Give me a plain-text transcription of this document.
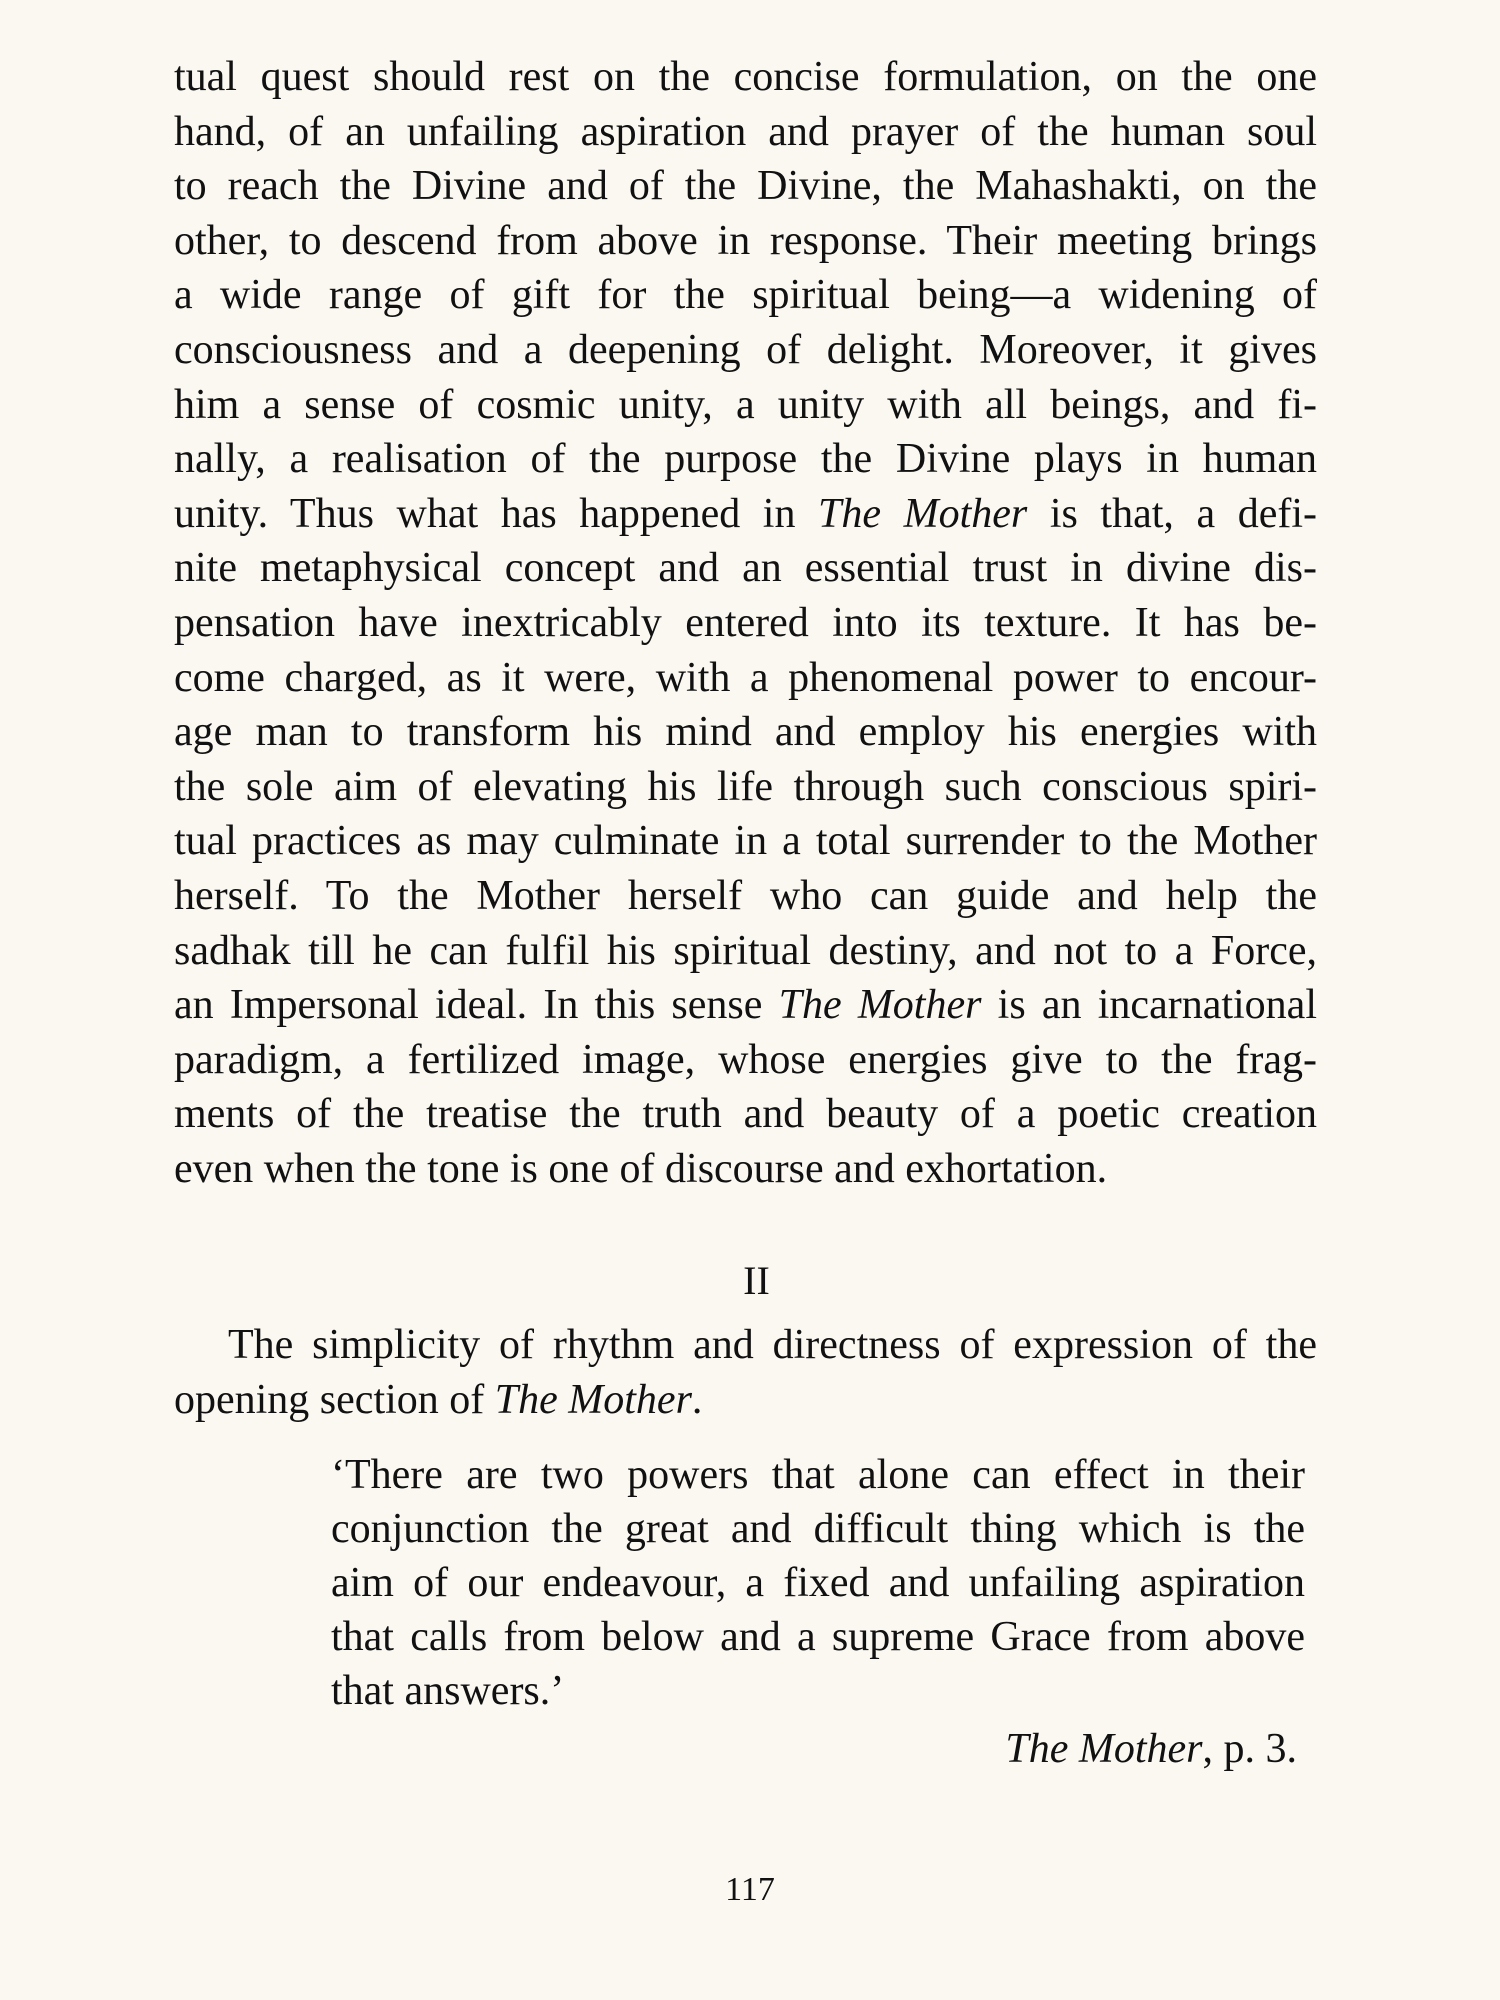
tual quest should rest on the concise formulation, on the one
hand, of an unfailing aspiration and prayer of the human soul
to reach the Divine and of the Divine, the Mahashakti, on the
other, to descend from above in response. Their meeting brings
a wide range of gift for the spiritual being—a widening of
consciousness and a deepening of delight. Moreover, it gives
him a sense of cosmic unity, a unity with all beings, and fi-
nally, a realisation of the purpose the Divine plays in human
unity. Thus what has happened in The Mother is that, a defi-
nite metaphysical concept and an essential trust in divine dis-
pensation have inextricably entered into its texture. It has be-
come charged, as it were, with a phenomenal power to encour-
age man to transform his mind and employ his energies with
the sole aim of elevating his life through such conscious spiri-
tual practices as may culminate in a total surrender to the Mother
herself. To the Mother herself who can guide and help the
sadhak till he can fulfil his spiritual destiny, and not to a Force,
an Impersonal ideal. In this sense The Mother is an incarnational
paradigm, a fertilized image, whose energies give to the frag-
ments of the treatise the truth and beauty of a poetic creation
even when the tone is one of discourse and exhortation.
II
The simplicity of rhythm and directness of expression of the
opening section of The Mother.
‘There are two powers that alone can effect in their
conjunction the great and difficult thing which is the
aim of our endeavour, a fixed and unfailing aspiration
that calls from below and a supreme Grace from above
that answers.’
The Mother, p. 3.
117
